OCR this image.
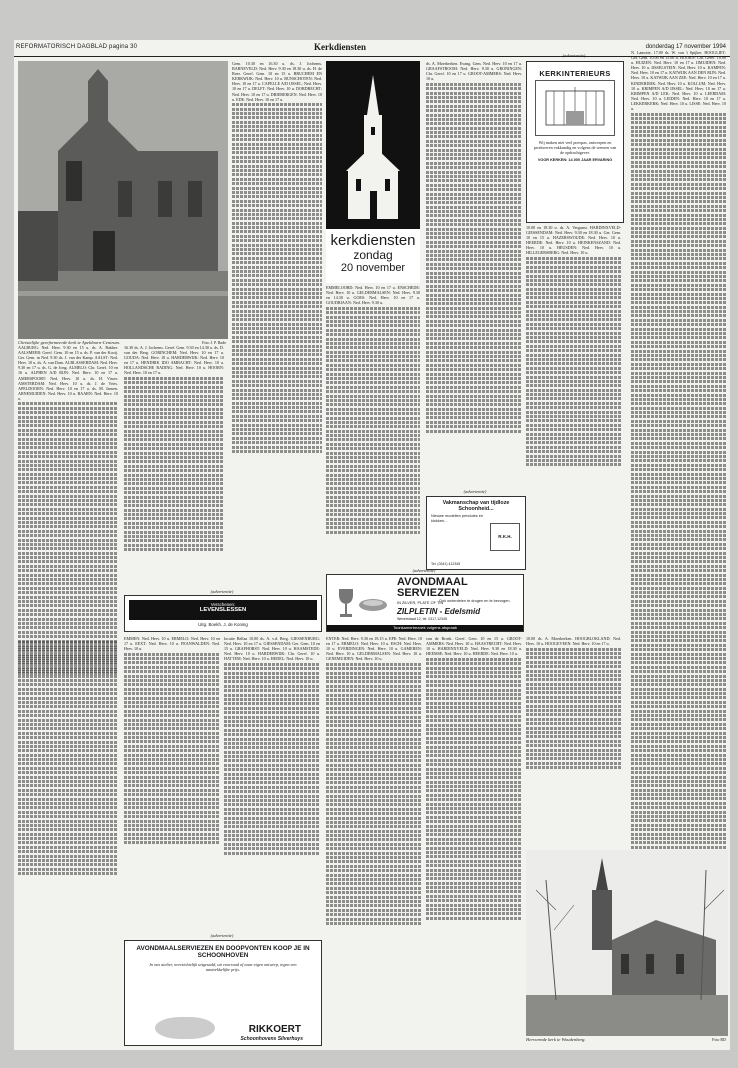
REFORMATORISCH DAGBLAD pagina 30	Kerkdiensten	donderdag 17 november 1994
Christelijke gereformeerde kerk te Apeldoorn-Centrum.	Foto J. P. Bade

AALBURG: Ned. Herv. 9.30 en 15 u. ds. A. Bakker. AALSMEER: Geref. Gem. 10 en 15 u. ds. P. van der Kooij. Ger. Gem. in Ned. 9.30 ds. J. van der Kamp. AALST: Ned. Herv. 10 u. ds. A. van Dam. ALBLASSERDAM: Ned. Herv. 9.30 en 17 u. ds. G. de Jong. ALMELO: Chr. Geref. 10 en 16 u. ALPHEN A/D RIJN: Ned. Herv. 10 en 17 u. AMERSFOORT: Ned. Herv. 10 u. ds. H. Visser. AMSTERDAM: Ned. Herv. 10 u. ds. J. de Vries. APELDOORN: Ned. Herv. 10 en 17 u. ds. M. Jansen. ARNEMUIDEN: Ned. Herv. 10 u. BAARN: Ned. Herv. 10 u.

Gem. 10.30 en 16.30 u. ds. J. Jochems. BARNEVELD: Ned. Herv. 9.30 en 18.30 u. ds. H. de Boer. Geref. Gem. 10 en 15 u. BRUCHEM EN KERKWIJK: Ned. Herv. 10 u. BUNSCHOTEN: Ned. Herv. 10 en 17 u. CAPELLE A/D IJSSEL: Ned. Herv. 10 en 17 u. DELFT: Ned. Herv. 10 u. DORDRECHT: Ned. Herv. 10 en 17 u. DRIEBERGEN: Ned. Herv. 10 u. EDE: Ned. Herv. 10 en 17 u.

16.30 ds. A. J. Jochems. Geref. Gem. 9.30 en 14.30 u. ds. D. van der Berg. GORINCHEM: Ned. Herv. 10 en 17 u. GOUDA: Ned. Herv. 10 u. HARDERWIJK: Ned. Herv. 10 en 17 u. HENDRIK IDO AMBACHT: Ned. Herv. 10 u. HOLLANDSCHE RADING: Ned. Herv. 10 u. HOORN: Ned. Herv. 10 en 17 u.

kerkdiensten
zondag
20 november

EMMELOORD: Ned. Herv. 10 en 17 u. ENSCHEDE: Ned. Herv. 10 u. GELDERMALSEN: Ned. Herv. 9.30 en 14.30 u. GOES: Ned. Herv. 10 en 17 u. GOUDRIAAN: Ned. Herv. 9.30 u.

ds. A. Moerkerken. Evang. Gem. Ned. Herv. 10 en 17 u. GRAAFSTROOM: Ned. Herv. 9.30 u. GRONINGEN: Chr. Geref. 10 en 17 u. GROOT-AMMERS: Ned. Herv. 10 u.

(advertentie)
KERKINTERIEURS
Wij maken niet veel poespas, ontwerpen en produceren vakkundig en volgens de wensen van de opdrachtgever.
VOOR KERKEN: 14.000 JAAR ERVARING

10.00 en 18.30 u. ds. A. Vergunst. HARDINXVELD-GIESSENDAM: Ned. Herv. 9.30 en 18.30 u. Ger. Gem. 10 en 15 u. HAZERSWOUDE: Ned. Herv. 10 u. HEERDE: Ned. Herv. 10 u. HEINKENSZAND: Ned. Herv. 10 u. HEUSDEN: Ned. Herv. 10 u. HILLEGERSBERG: Ned. Herv. 10 u.

N. Lamotte, 17.00 ds. W. van 't Spijker. HOOGLIET: Ger. Gem. 10.00 en 15.00 u. HOORN: Chr. Geref. 10.00 u. HUIZEN: Ned. Herv. 10 en 17 u. IJMUIDEN: Ned. Herv. 10 u. IJSSELSTEIN: Ned. Herv. 10 u. KAMPEN: Ned. Herv. 10 en 17 u. KATWIJK AAN DEN RIJN: Ned. Herv. 10 u. KATWIJK AAN ZEE: Ned. Herv. 10 en 17 u. KINDERDIJK: Ned. Herv. 10 u. KOLLUM: Ned. Herv. 10 u. KRIMPEN A/D IJSSEL: Ned. Herv. 10 en 17 u. KRIMPEN A/D LEK: Ned. Herv. 10 u. LEERDAM: Ned. Herv. 10 u. LEIDEN: Ned. Herv. 10 en 17 u. LEKKERKERK: Ned. Herv. 10 u. LISSE: Ned. Herv. 10 u.

(advertentie)
Vakmanschap van tijdloze Schoonheid...
Nieuwe modellen pendules en klokken...
R.K.H.
Tel. (0341) 412345
(advertentie)
AVONDMAAL SERVIEZEN
IN ZILVER, PLATE OF TIN
Ook onderdelen te drogen en te bezorgen.
ZILPLETIN - Edelsmid
Weverstraat 12, tel. 0317-12345
Toonkamerbezoek volgens afspraak
(advertentie)
Verschenen:
LEVENSLESSEN
Uitg. Boekh. J. de Koning

EMMEN: Ned. Herv. 10 u. ERMELO: Ned. Herv. 10 en 17 u. EEXT: Ned. Herv. 10 u. FEANWALDEN: Ned. Herv. 10 u.

locatie Bellaa 10.00 ds. A. v.d. Berg. GIESSENBURG: Ned. Herv. 10 en 17 u. GIESSENDAM: Ger. Gem. 10 en 15 u. GRAFHORST: Ned. Herv. 10 u. HAAMSTEDE: Ned. Herv. 10 u. HARDERWIJK: Chr. Geref. 10 u. HATTEM: Ned. Herv. 10 u. HEDEL: Ned. Herv. 10 u.

ENTER: Ned. Herv. 9.30 en 18.15 u. EPE: Ned. Herv. 10 en 17 u. ERMELO: Ned. Herv. 10 u. ESCH: Ned. Herv. 10 u. EVERDINGEN: Ned. Herv. 10 u. GAMEREN: Ned. Herv. 10 u. GELDERMALSEN: Ned. Herv. 10 u. GENEMUIDEN: Ned. Herv. 10 u.

van de Broek. Geref. Gem. 10 en 15 u. GROOT-AMMERS: Ned. Herv. 10 u. HAASTRECHT: Ned. Herv. 10 u. HARDINXVELD: Ned. Herv. 9.30 en 18.30 u. HEEMSE: Ned. Herv. 10 u. HEERDE: Ned. Herv. 10 u.

10.00 ds. A. Moerkerken. HOOGBLOKLAND: Ned. Herv. 10 u. HOOGEVEEN: Ned. Herv. 10 en 17 u.

(advertentie)
AVONDMAALSERVIEZEN EN DOOPVONTEN KOOP JE IN SCHOONHOVEN
In ons atelier, overzichtelijk uitgestald, uit voorraad of naar eigen ontwerp, tegen een aantrekkelijke prijs.
RIKKOERT
Schoonhovens Silverhuys	Hervormde kerk te Woudenberg.	Foto RD
